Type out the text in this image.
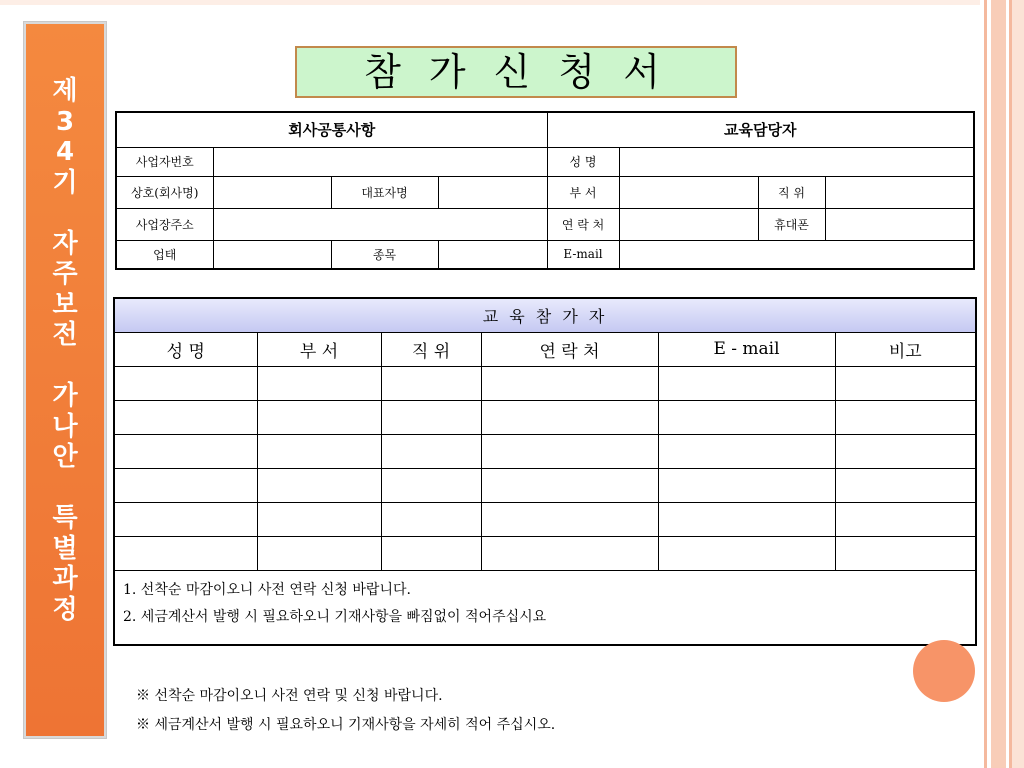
제
3
4
기
자
주
보
전
가
나
안
특
별
과
정
참 가 신 청 서
회사공통사항				교육담당자			
사업자번호				성 명			
상호(회사명)		대표자명		부 서		직 위	
사업장주소				연 락 처		휴대폰	
업태		종목		E-mail			
교 육 참 가 자					
성 명	부 서	직 위	연 락 처	E - mail	비고

1. 선착순 마감이오니 사전 연락 신청 바랍니다.
2. 세금계산서 발행 시 필요하오니 기재사항을 빠짐없이 적어주십시요					
※ 선착순 마감이오니 사전 연락 및 신청 바랍니다.
※ 세금계산서 발행 시 필요하오니 기재사항을 자세히 적어 주십시오.
